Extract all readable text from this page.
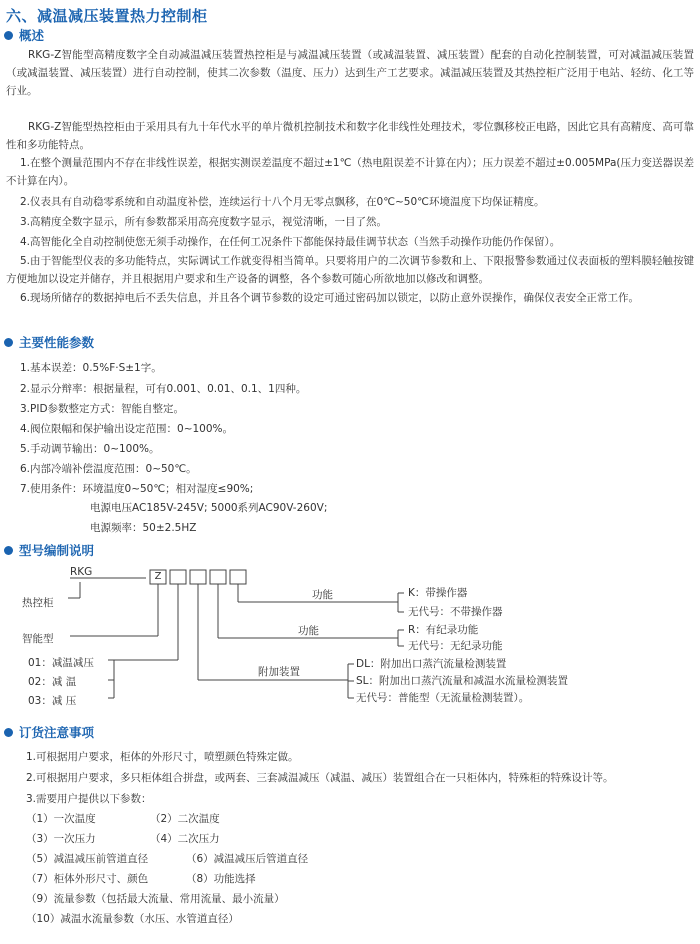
六、减温减压装置热力控制柜
概述

RKG-Z智能型高精度数字全自动减温减压装置热控柜是与减温减压装置（或减温装置、减压装置）配套的自动化控制装置，可对减温减压装置（或减温装置、减压装置）进行自动控制，使其二次参数（温度、压力）达到生产工艺要求。减温减压装置及其热控柜广泛用于电站、轻纺、化工等行业。

RKG-Z智能型热控柜由于采用具有九十年代水平的单片微机控制技术和数字化非线性处理技术，零位飘移校正电路，因此它具有高精度、高可靠性和多功能特点。

1.在整个测量范围内不存在非线性误差，根据实测误差温度不超过±1℃（热电阻误差不计算在内）；压力误差不超过±0.005MPa(压力变送器误差不计算在内）。

2.仪表具有自动稳零系统和自动温度补偿，连续运行十八个月无零点飘移，在0℃~50℃环境温度下均保证精度。

3.高精度全数字显示，所有参数都采用高亮度数字显示，视觉清晰，一目了然。

4.高智能化全自动控制使您无须手动操作，在任何工况条件下都能保持最佳调节状态（当然手动操作功能仍作保留）。

5.由于智能型仪表的多功能特点，实际调试工作就变得相当简单。只要将用户的二次调节参数和上、下限报警参数通过仪表面板的塑料膜轻触按键方便地加以设定并储存，并且根据用户要求和生产设备的调整，各个参数可随心所欲地加以修改和调整。

6.现场所储存的数据掉电后不丢失信息，并且各个调节参数的设定可通过密码加以锁定，以防止意外误操作，确保仪表安全正常工作。

主要性能参数

1.基本误差：0.5%F·S±1字。

2.显示分辩率：根据量程，可有0.001、0.01、0.1、1四种。

3.PID参数整定方式：智能自整定。

4.阀位限幅和保护输出设定范围：0~100%。

5.手动调节输出：0~100%。

6.内部冷端补偿温度范围：0~50℃。

7.使用条件：环境温度0~50℃；相对湿度≤90%;

电源电压AC185V-245V; 5000系列AC90V-260V;

电源频率：50±2.5HZ

型号编制说明

RKG	Z

热控柜

智能型

01：减温减压

02：减 温

03：减 压

功能	K：带操作器

无代号：不带操作器

功能	R：有纪录功能

无代号：无纪录功能

附加装置

DL：附加出口蒸汽流量检测装置

SL：附加出口蒸汽流量和减温水流量检测装置

无代号：普能型（无流量检测装置）。

订货注意事项

1.可根据用户要求，柜体的外形尺寸，喷塑颜色特殊定做。

2.可根据用户要求，多只柜体组合拼盘，或两套、三套减温减压（减温、减压）装置组合在一只柜体内，特殊柜的特殊设计等。

3.需要用户提供以下参数：

（1）一次温度	（2）二次温度

（3）一次压力	（4）二次压力

（5）减温减压前管道直径	（6）减温减压后管道直径

（7）柜体外形尺寸、颜色	（8）功能选择

（9）流量参数（包括最大流量、常用流量、最小流量）

（10）减温水流量参数（水压、水管道直径）
